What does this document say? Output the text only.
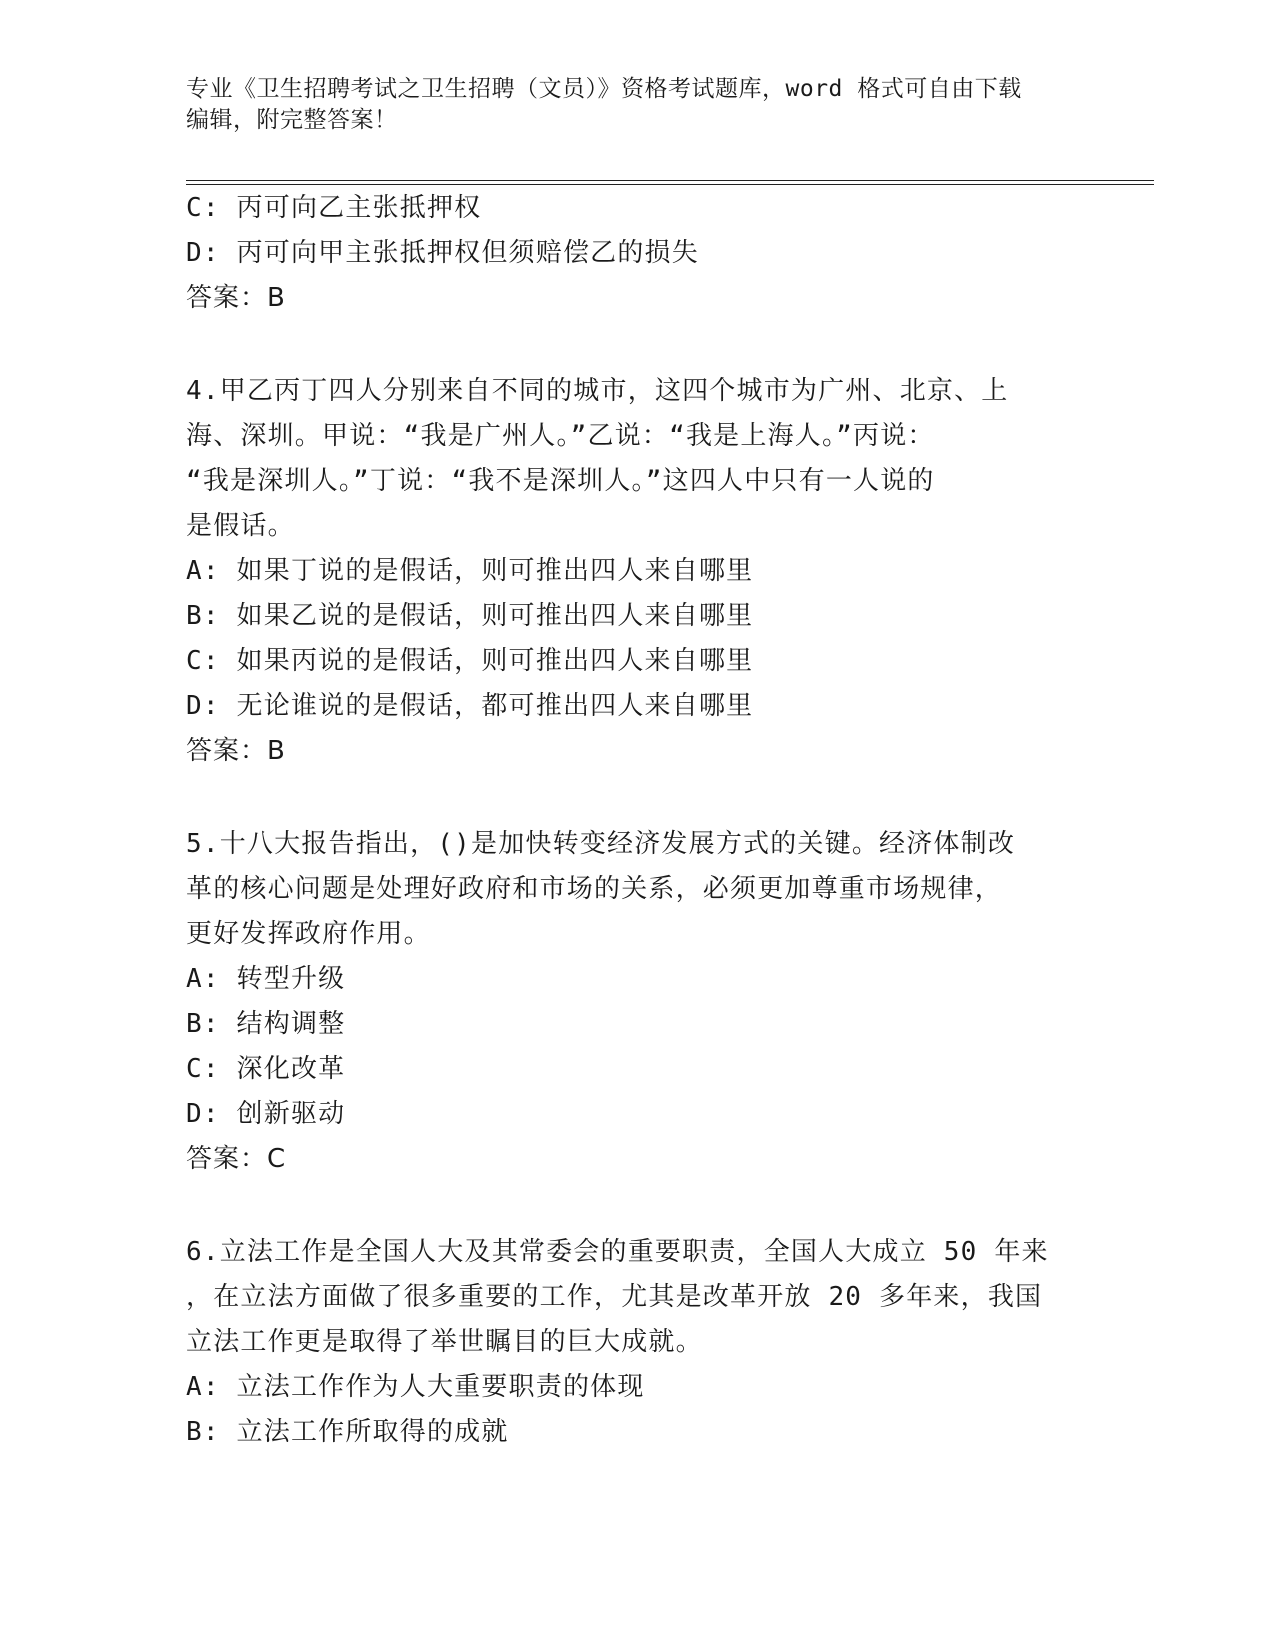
专业《卫生招聘考试之卫生招聘（文员）》资格考试题库，word 格式可自由下载
编辑，附完整答案！
C: 丙可向乙主张抵押权
D: 丙可向甲主张抵押权但须赔偿乙的损失
答案：B
4.甲乙丙丁四人分别来自不同的城市，这四个城市为广州、北京、上
海、深圳。甲说：“我是广州人。”乙说：“我是上海人。”丙说：
“我是深圳人。”丁说：“我不是深圳人。”这四人中只有一人说的
是假话。
A: 如果丁说的是假话，则可推出四人来自哪里
B: 如果乙说的是假话，则可推出四人来自哪里
C: 如果丙说的是假话，则可推出四人来自哪里
D: 无论谁说的是假话，都可推出四人来自哪里
答案：B
5.十八大报告指出，()是加快转变经济发展方式的关键。经济体制改
革的核心问题是处理好政府和市场的关系，必须更加尊重市场规律，
更好发挥政府作用。
A: 转型升级
B: 结构调整
C: 深化改革
D: 创新驱动
答案：C
6.立法工作是全国人大及其常委会的重要职责，全国人大成立 50 年来
，在立法方面做了很多重要的工作，尤其是改革开放 20 多年来，我国
立法工作更是取得了举世瞩目的巨大成就。
A: 立法工作作为人大重要职责的体现
B: 立法工作所取得的成就
